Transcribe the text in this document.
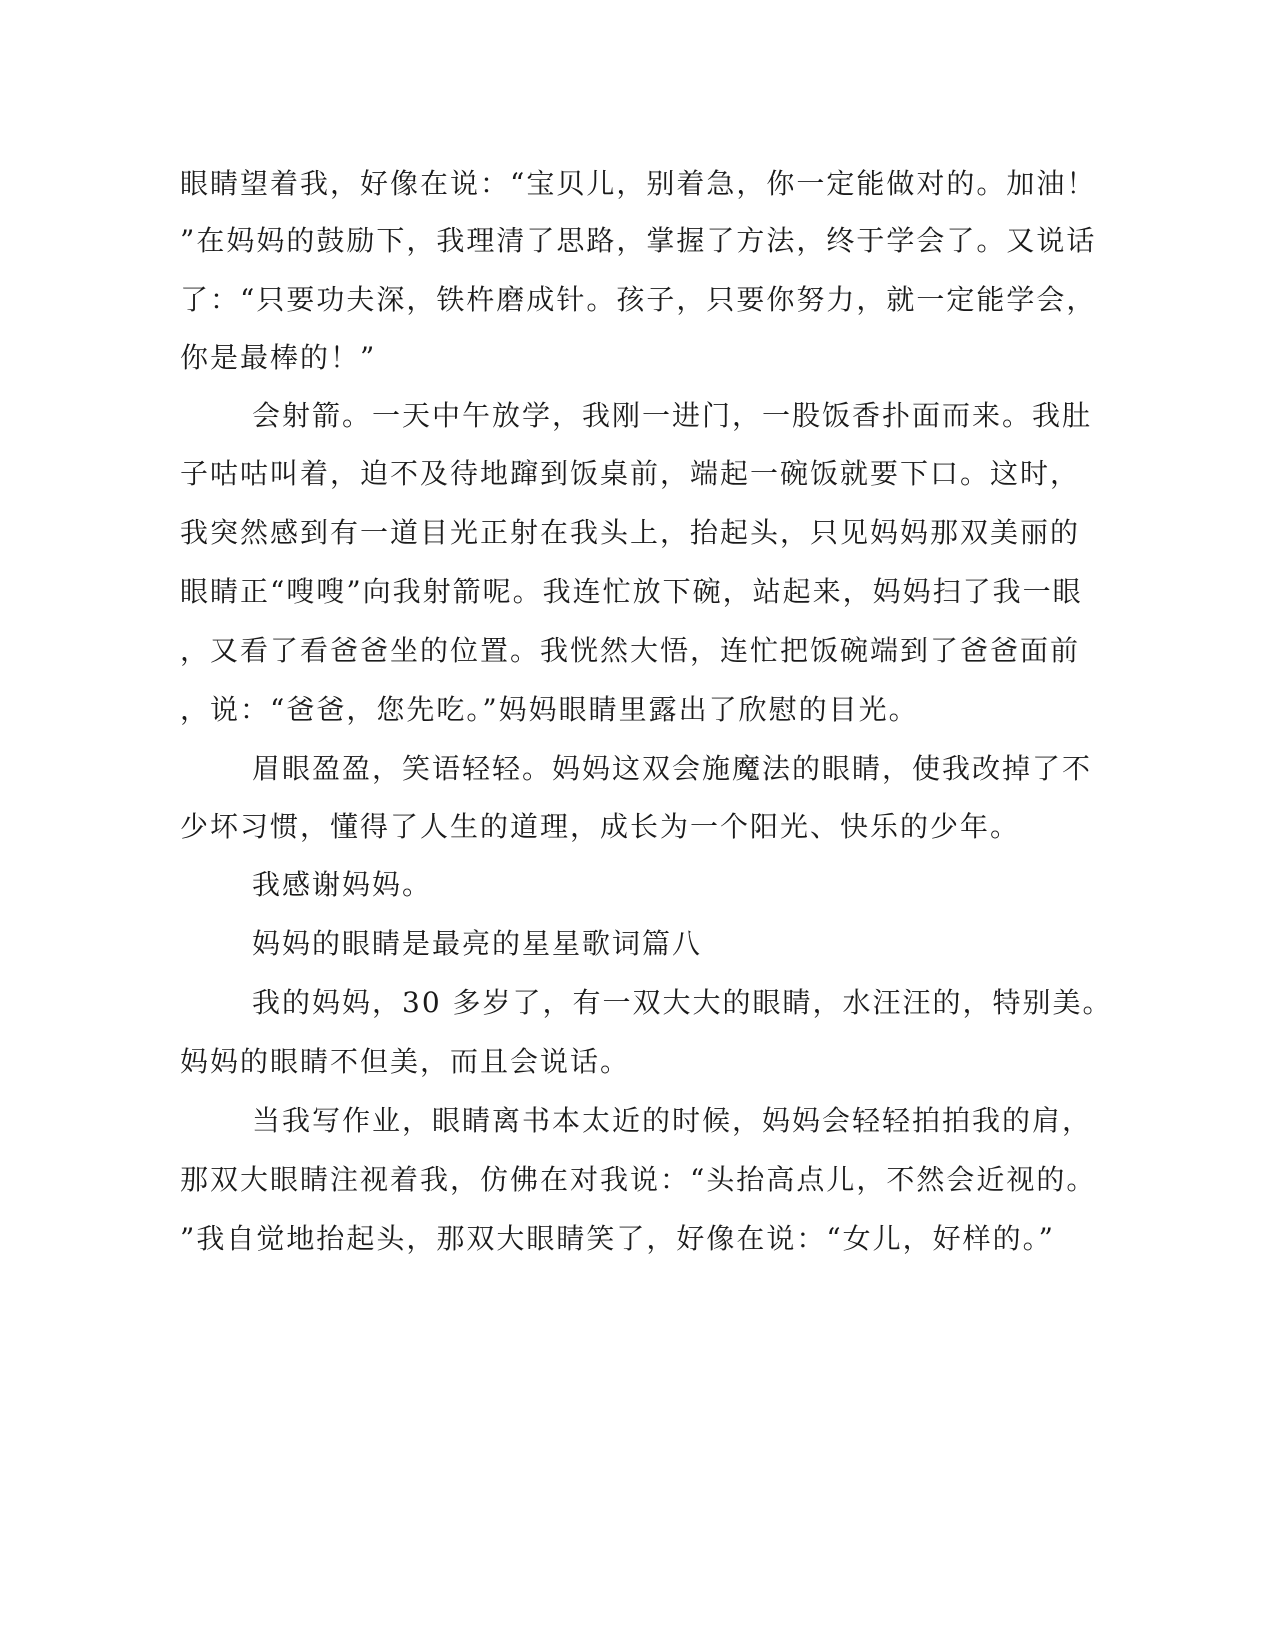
眼睛望着我，好像在说：“宝贝儿，别着急，你一定能做对的。加油！
”在妈妈的鼓励下，我理清了思路，掌握了方法，终于学会了。又说话
了：“只要功夫深，铁杵磨成针。孩子，只要你努力，就一定能学会，
你是最棒的！”
会射箭。一天中午放学，我刚一进门，一股饭香扑面而来。我肚
子咕咕叫着，迫不及待地蹿到饭桌前，端起一碗饭就要下口。这时，
我突然感到有一道目光正射在我头上，抬起头，只见妈妈那双美丽的
眼睛正“嗖嗖”向我射箭呢。我连忙放下碗，站起来，妈妈扫了我一眼
，又看了看爸爸坐的位置。我恍然大悟，连忙把饭碗端到了爸爸面前
，说：“爸爸，您先吃。”妈妈眼睛里露出了欣慰的目光。
眉眼盈盈，笑语轻轻。妈妈这双会施魔法的眼睛，使我改掉了不
少坏习惯，懂得了人生的道理，成长为一个阳光、快乐的少年。
我感谢妈妈。
妈妈的眼睛是最亮的星星歌词篇八
我的妈妈，30 多岁了，有一双大大的眼睛，水汪汪的，特别美。
妈妈的眼睛不但美，而且会说话。
当我写作业，眼睛离书本太近的时候，妈妈会轻轻拍拍我的肩，
那双大眼睛注视着我，仿佛在对我说：“头抬高点儿，不然会近视的。
”我自觉地抬起头，那双大眼睛笑了，好像在说：“女儿，好样的。”
